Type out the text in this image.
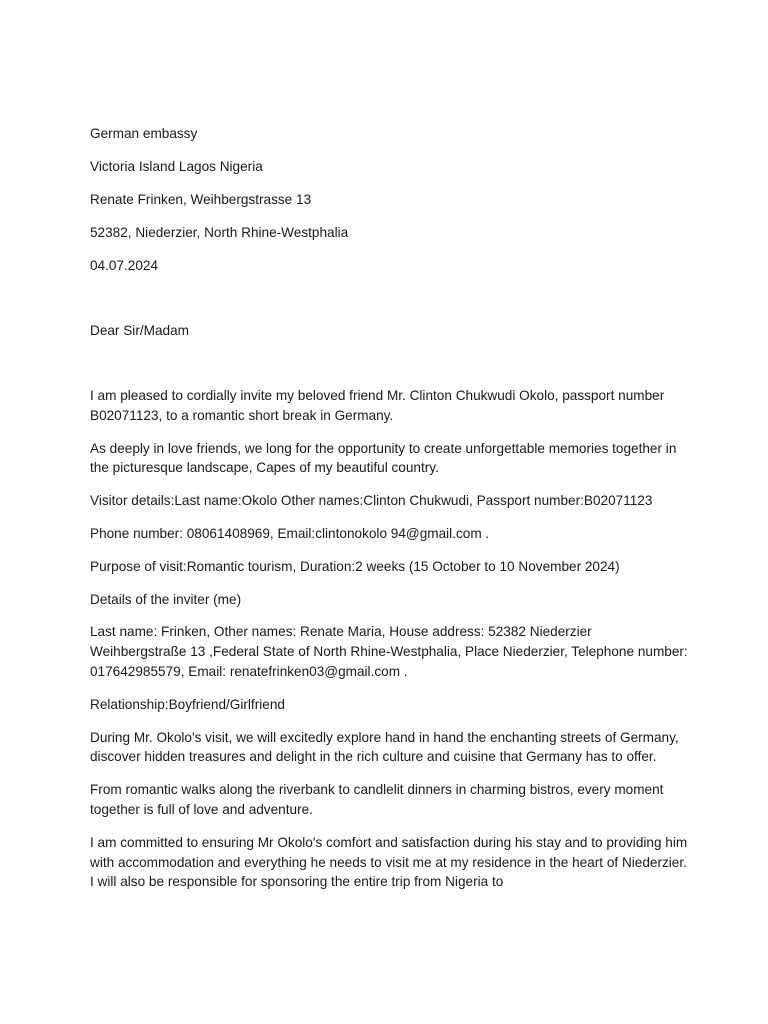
German embassy

Victoria Island Lagos Nigeria

Renate Frinken, Weihbergstrasse 13

52382, Niederzier, North Rhine-Westphalia

04.07.2024

Dear Sir/Madam

I am pleased to cordially invite my beloved friend Mr. Clinton Chukwudi Okolo, passport number B02071123, to a romantic short break in Germany.

As deeply in love friends, we long for the opportunity to create unforgettable memories together in the picturesque landscape, Capes of my beautiful country.

Visitor details:Last name:Okolo Other names:Clinton Chukwudi, Passport number:B02071123

Phone number: 08061408969, Email:clintonokolo 94@gmail.com .

Purpose of visit:Romantic tourism, Duration:2 weeks (15 October to 10 November 2024)

Details of the inviter (me)

Last name: Frinken, Other names: Renate Maria, House address: 52382 Niederzier Weihbergstraße 13 ,Federal State of North Rhine-Westphalia, Place Niederzier, Telephone number: 017642985579, Email: renatefrinken03@gmail.com .

Relationship:Boyfriend/Girlfriend

During Mr. Okolo's visit, we will excitedly explore hand in hand the enchanting streets of Germany, discover hidden treasures and delight in the rich culture and cuisine that Germany has to offer.

From romantic walks along the riverbank to candlelit dinners in charming bistros, every moment together is full of love and adventure.

I am committed to ensuring Mr Okolo's comfort and satisfaction during his stay and to providing him with accommodation and everything he needs to visit me at my residence in the heart of Niederzier. I will also be responsible for sponsoring the entire trip from Nigeria to
